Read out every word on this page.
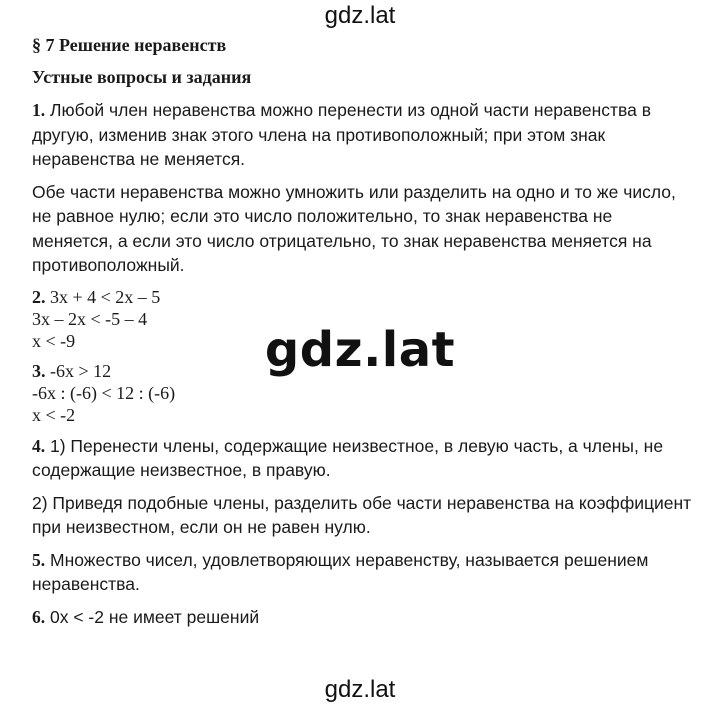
gdz.lat
gdz.lat
gdz.lat

§ 7 Решение неравенств

Устные вопросы и задания

1. Любой член неравенства можно перенести из одной части неравенства в другую, изменив знак этого члена на противоположный; при этом знак неравенства не меняется.

Обе части неравенства можно умножить или разделить на одно и то же число, не равное нулю; если это число положительно, то знак неравенства не меняется, а если это число отрицательно, то знак неравенства меняется на противоположный.

2. 3x + 4 < 2x – 5

3x – 2x < -5 – 4

x < -9

3. -6x > 12

-6x : (-6) < 12 : (-6)

x < -2

4. 1) Перенести члены, содержащие неизвестное, в левую часть, а члены, не содержащие неизвестное, в правую.

2) Приведя подобные члены, разделить обе части неравенства на коэффициент при неизвестном, если он не равен нулю.

5. Множество чисел, удовлетворяющих неравенству, называется решением неравенства.

6. 0x < -2 не имеет решений
